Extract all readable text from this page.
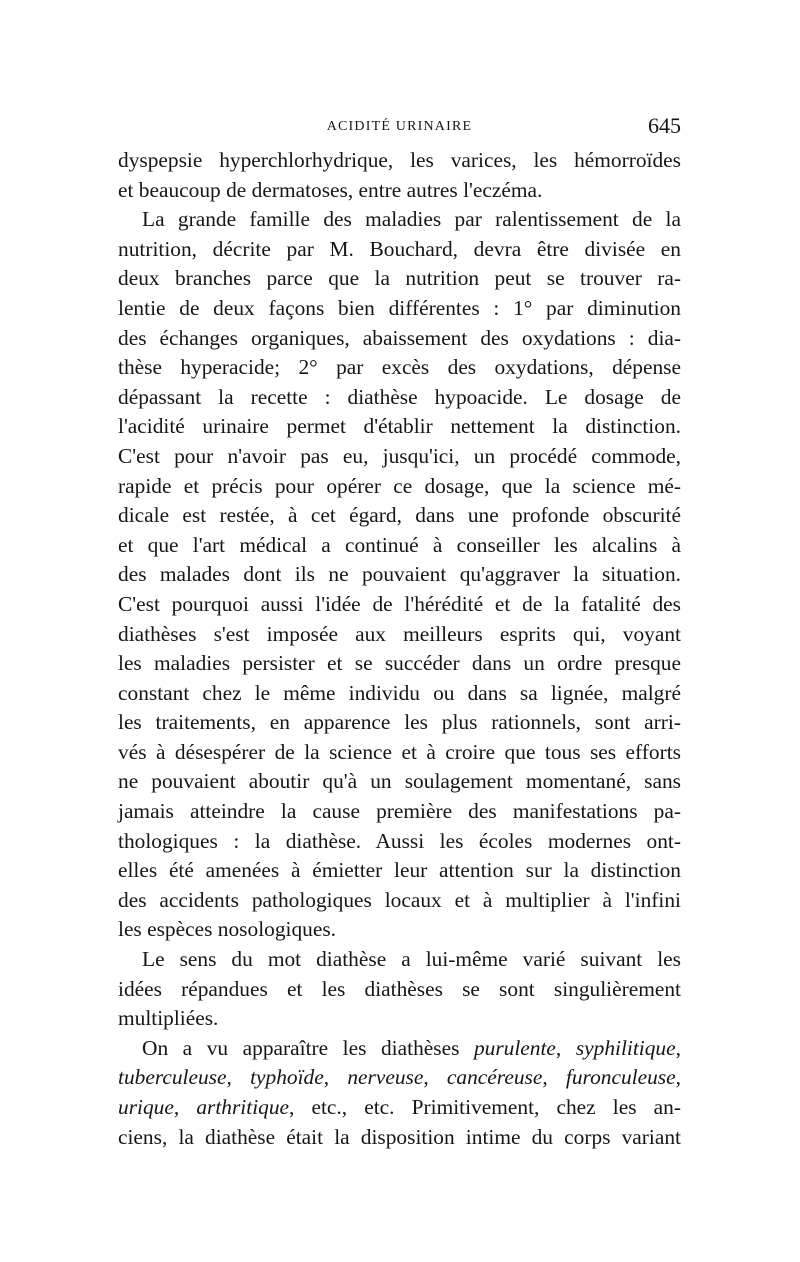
ACIDITÉ URINAIRE	645
dyspepsie hyperchlorhydrique, les varices, les hémorroïdes
et beaucoup de dermatoses, entre autres l'eczéma.
La grande famille des maladies par ralentissement de la
nutrition, décrite par M. Bouchard, devra être divisée en
deux branches parce que la nutrition peut se trouver ra-
lentie de deux façons bien différentes : 1° par diminution
des échanges organiques, abaissement des oxydations : dia-
thèse hyperacide; 2° par excès des oxydations, dépense
dépassant la recette : diathèse hypoacide. Le dosage de
l'acidité urinaire permet d'établir nettement la distinction.
C'est pour n'avoir pas eu, jusqu'ici, un procédé commode,
rapide et précis pour opérer ce dosage, que la science mé-
dicale est restée, à cet égard, dans une profonde obscurité
et que l'art médical a continué à conseiller les alcalins à
des malades dont ils ne pouvaient qu'aggraver la situation.
C'est pourquoi aussi l'idée de l'hérédité et de la fatalité des
diathèses s'est imposée aux meilleurs esprits qui, voyant
les maladies persister et se succéder dans un ordre presque
constant chez le même individu ou dans sa lignée, malgré
les traitements, en apparence les plus rationnels, sont arri-
vés à désespérer de la science et à croire que tous ses efforts
ne pouvaient aboutir qu'à un soulagement momentané, sans
jamais atteindre la cause première des manifestations pa-
thologiques : la diathèse. Aussi les écoles modernes ont-
elles été amenées à émietter leur attention sur la distinction
des accidents pathologiques locaux et à multiplier à l'infini
les espèces nosologiques.
Le sens du mot diathèse a lui-même varié suivant les
idées répandues et les diathèses se sont singulièrement
multipliées.
On a vu apparaître les diathèses purulente, syphilitique,
tuberculeuse, typhoïde, nerveuse, cancéreuse, furonculeuse,
urique, arthritique, etc., etc. Primitivement, chez les an-
ciens, la diathèse était la disposition intime du corps variant
